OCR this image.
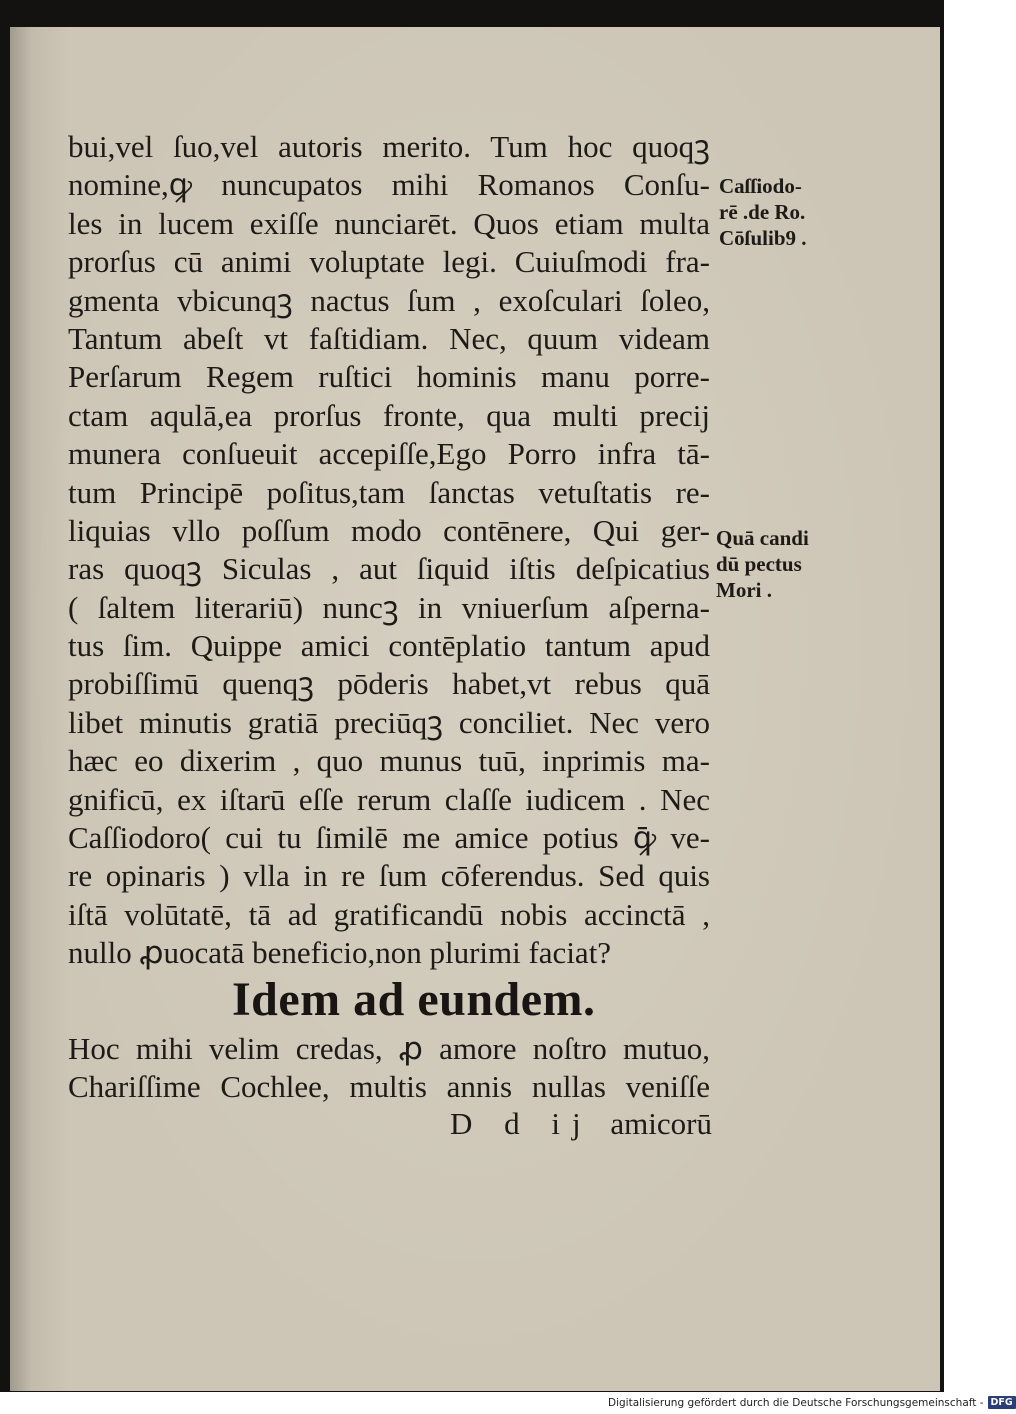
bui,vel ſuo,vel autoris merito. Tum hoc quoqꝫ
nomine,ꝙ nuncupatos mihi Romanos Conſu-
les in lucem exiſſe nunciarēt. Quos etiam multa
prorſus cū animi voluptate legi. Cuiuſmodi fra-
gmenta vbicunqꝫ nactus ſum , exoſculari ſoleo,
Tantum abeſt vt faſtidiam. Nec, quum videam
Perſarum Regem ruſtici hominis manu porre-
ctam aqulā,ea prorſus fronte, qua multi precij
munera conſueuit accepiſſe,Ego Porro infra tā-
tum Principē poſitus,tam ſanctas vetuſtatis re-
liquias vllo poſſum modo contēnere, Qui ger-
ras quoqꝫ Siculas , aut ſiquid iſtis deſpicatius
( ſaltem literariū) nuncꝫ in vniuerſum aſperna-
tus ſim. Quippe amici contēplatio tantum apud
probiſſimū quenqꝫ pōderis habet,vt rebus quā
libet minutis gratiā preciūqꝫ conciliet. Nec vero
hæc eo dixerim , quo munus tuū, inprimis ma-
gnificū, ex iſtarū eſſe rerum claſſe iudicem . Nec
Caſſiodoro( cui tu ſimilē me amice potius ꝙ̄ ve-
re opinaris ) vlla in re ſum cōferendus. Sed quis
iſtā volūtatē, tā ad gratificandū nobis accinctā ,
nullo ꝓuocatā beneficio,non plurimi faciat?
Idem ad eundem.
Hoc mihi velim credas, ꝓ amore noſtro mutuo,
Chariſſime Cochlee, multis annis nullas veniſſe
D d ij amicorū
Caſſiodo-
rē .de Ro.
Cōſulib9 .
Quā candi
dū pectus
Mori .
Digitalisierung gefördert durch die Deutsche Forschungsgemeinschaft - DFG
